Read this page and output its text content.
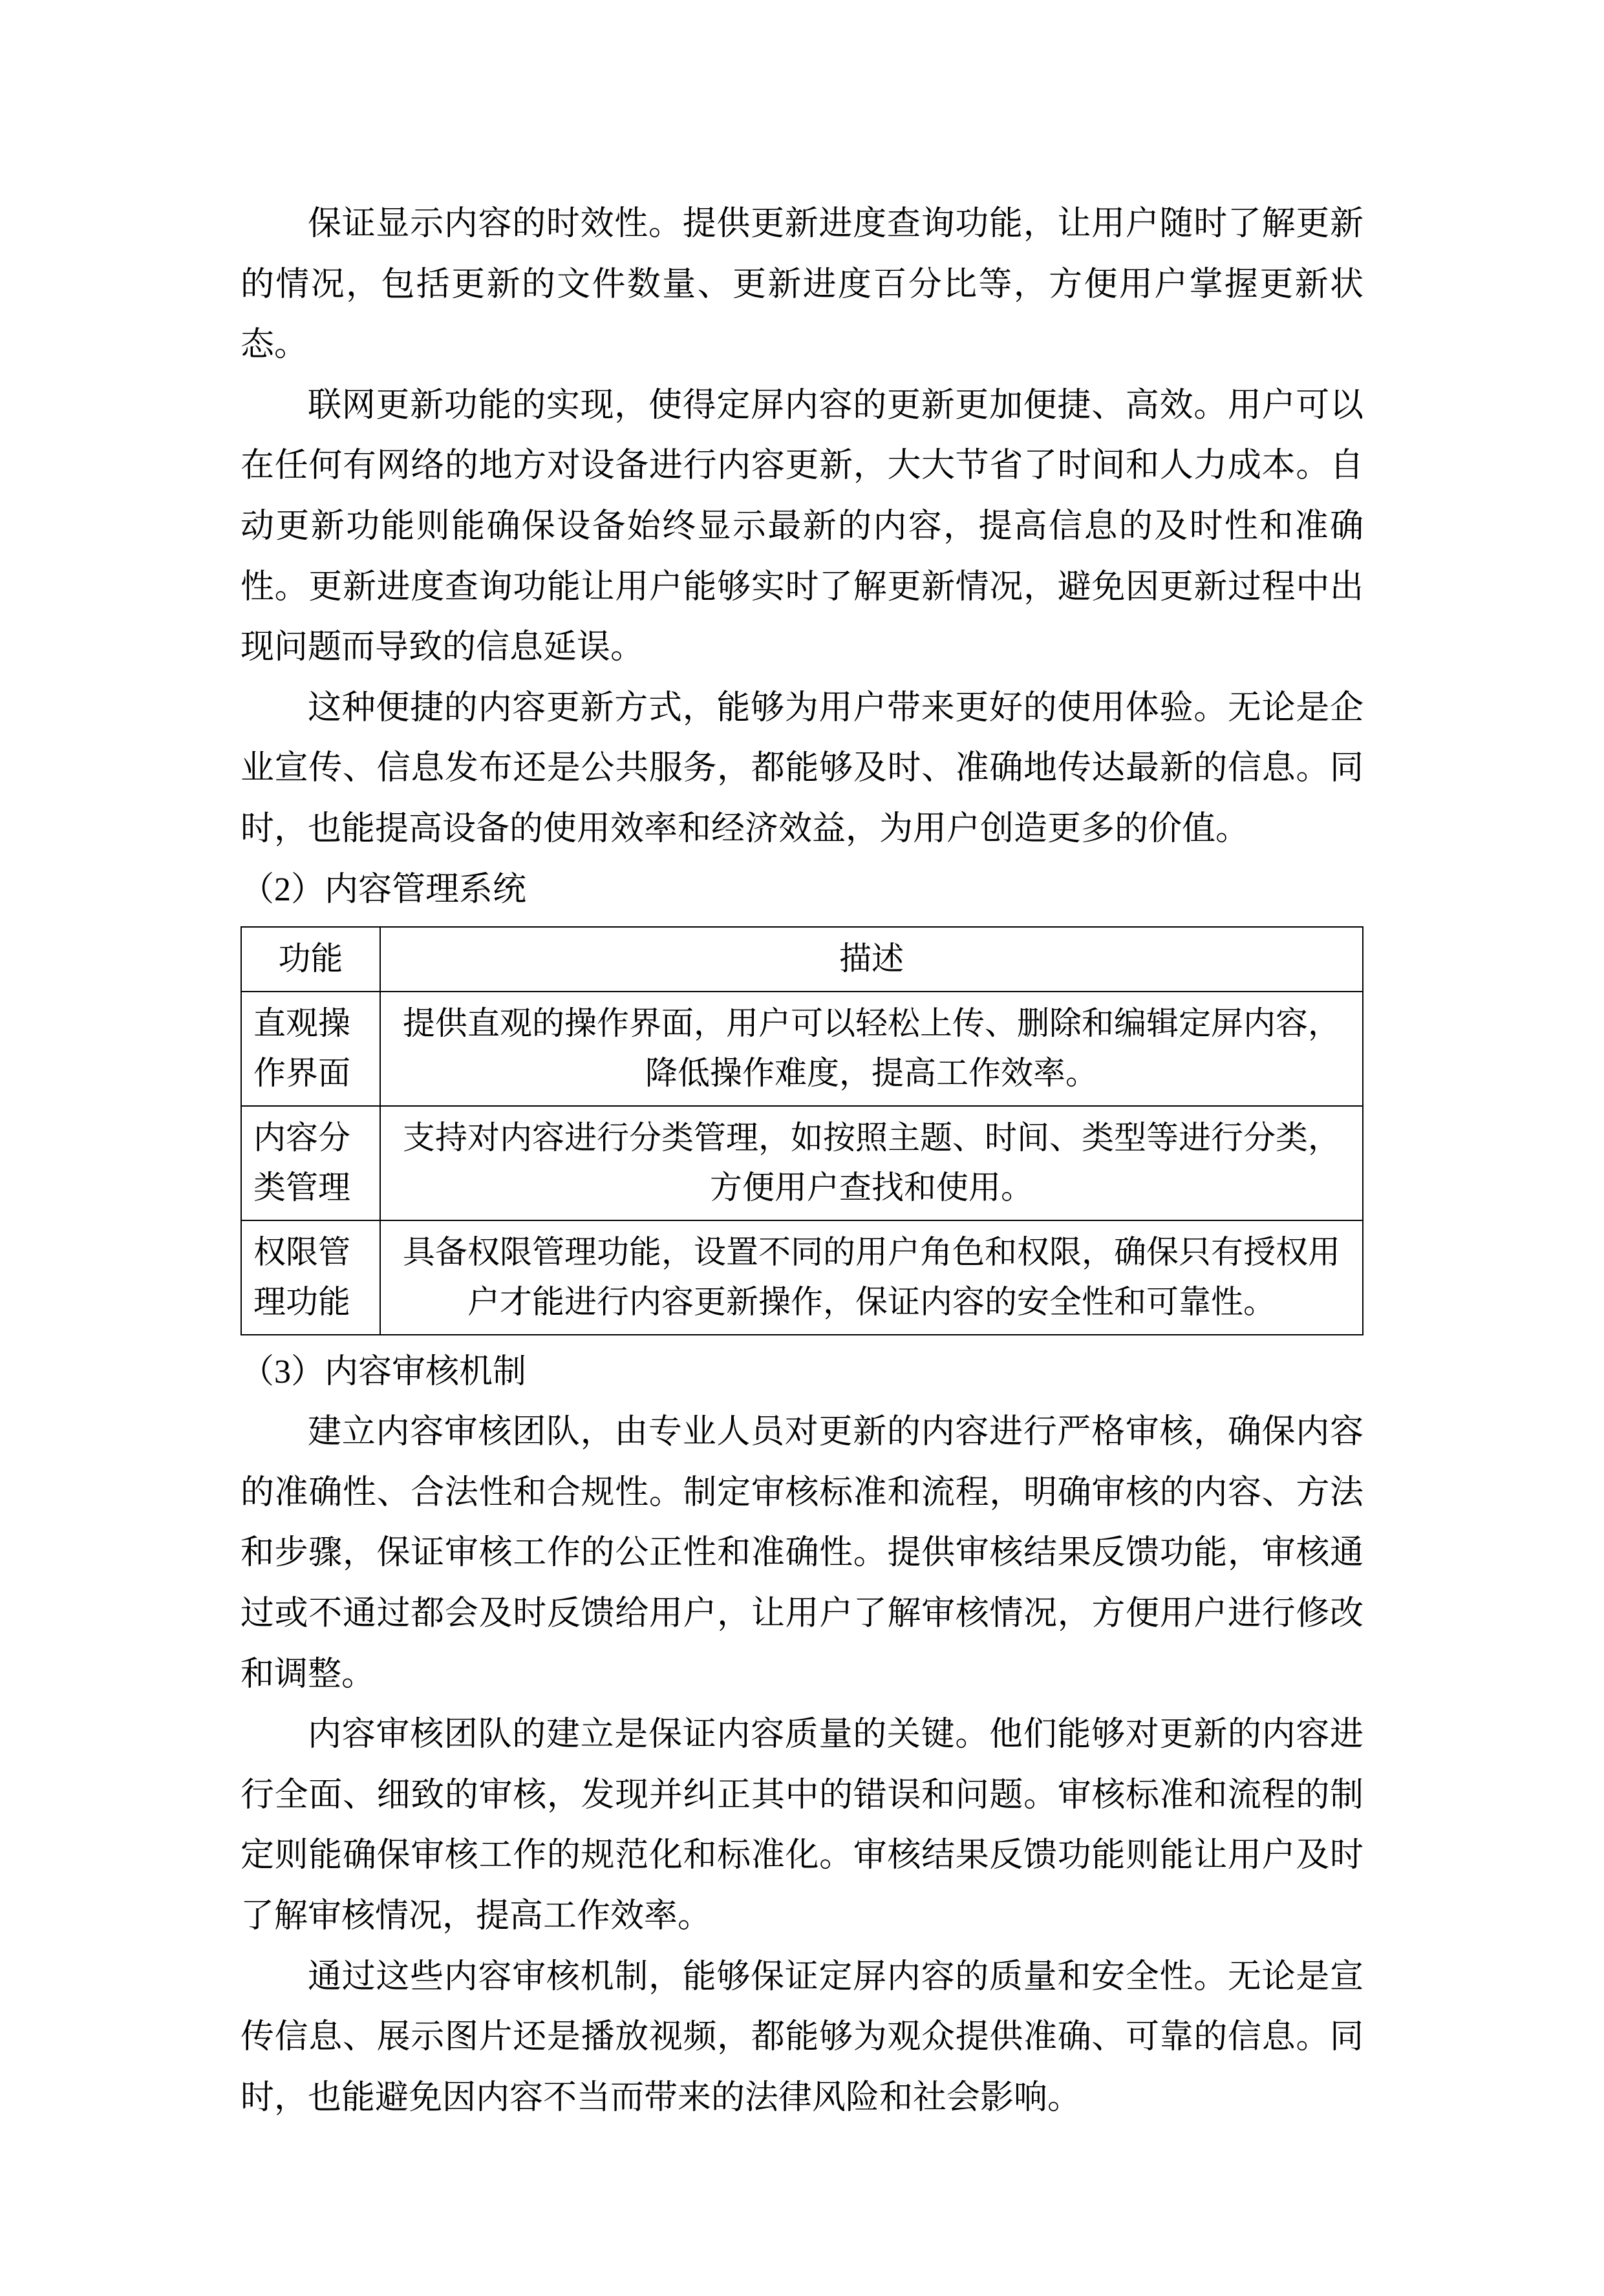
保证显示内容的时效性。提供更新进度查询功能，让用户随时了解更新的情况，包括更新的文件数量、更新进度百分比等，方便用户掌握更新状态。

联网更新功能的实现，使得定屏内容的更新更加便捷、高效。用户可以在任何有网络的地方对设备进行内容更新，大大节省了时间和人力成本。自动更新功能则能确保设备始终显示最新的内容，提高信息的及时性和准确性。更新进度查询功能让用户能够实时了解更新情况，避免因更新过程中出现问题而导致的信息延误。

这种便捷的内容更新方式，能够为用户带来更好的使用体验。无论是企业宣传、信息发布还是公共服务，都能够及时、准确地传达最新的信息。同时，也能提高设备的使用效率和经济效益，为用户创造更多的价值。

（2）内容管理系统

功能	描述
直观操作界面	提供直观的操作界面，用户可以轻松上传、删除和编辑定屏内容，降低操作难度，提高工作效率。
内容分类管理	支持对内容进行分类管理，如按照主题、时间、类型等进行分类，方便用户查找和使用。
权限管理功能	具备权限管理功能，设置不同的用户角色和权限，确保只有授权用户才能进行内容更新操作，保证内容的安全性和可靠性。

（3）内容审核机制

建立内容审核团队，由专业人员对更新的内容进行严格审核，确保内容的准确性、合法性和合规性。制定审核标准和流程，明确审核的内容、方法和步骤，保证审核工作的公正性和准确性。提供审核结果反馈功能，审核通过或不通过都会及时反馈给用户，让用户了解审核情况，方便用户进行修改和调整。

内容审核团队的建立是保证内容质量的关键。他们能够对更新的内容进行全面、细致的审核，发现并纠正其中的错误和问题。审核标准和流程的制定则能确保审核工作的规范化和标准化。审核结果反馈功能则能让用户及时了解审核情况，提高工作效率。

通过这些内容审核机制，能够保证定屏内容的质量和安全性。无论是宣传信息、展示图片还是播放视频，都能够为观众提供准确、可靠的信息。同时，也能避免因内容不当而带来的法律风险和社会影响。
